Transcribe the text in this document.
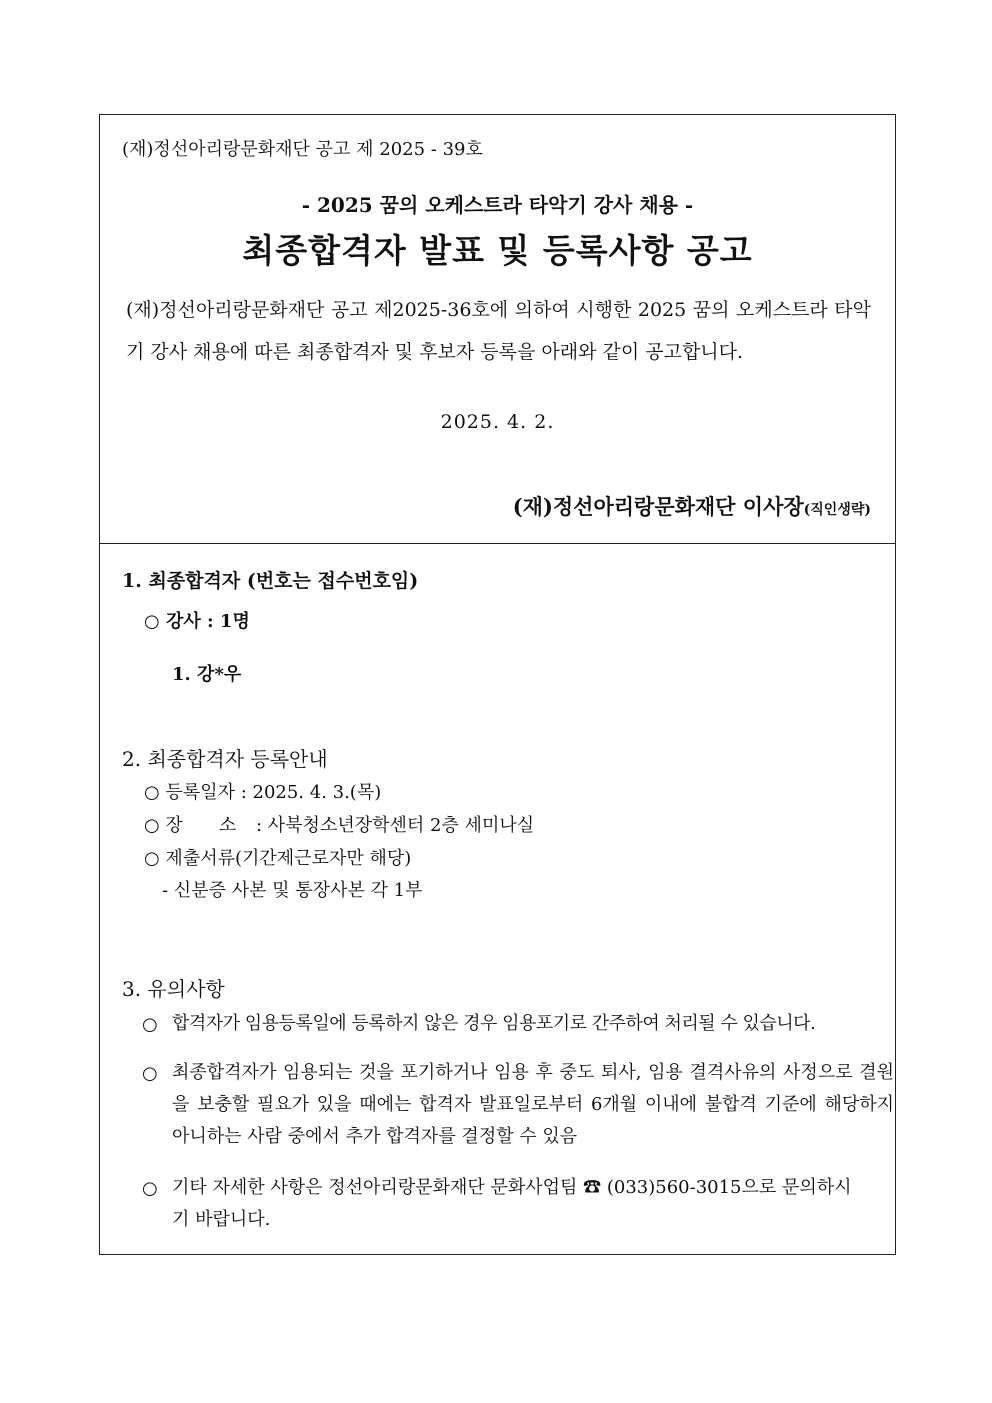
(재)정선아리랑문화재단 공고 제 2025 - 39호
- 2025 꿈의 오케스트라 타악기 강사 채용 -
최종합격자 발표 및 등록사항 공고
(재)정선아리랑문화재단 공고 제2025-36호에 의하여 시행한 2025 꿈의 오케스트라 타악기 강사 채용에 따른 최종합격자 및 후보자 등록을 아래와 같이 공고합니다.
2025. 4. 2.
(재)정선아리랑문화재단 이사장(직인생략)
1. 최종합격자 (번호는 접수번호임)
○ 강사 : 1명
1. 강*우
2. 최종합격자 등록안내
○ 등록일자 : 2025. 4. 3.(목)
○ 장　　소 : 사북청소년장학센터 2층 세미나실
○ 제출서류(기간제근로자만 해당)
- 신분증 사본 및 통장사본 각 1부
3. 유의사항
○ 합격자가 임용등록일에 등록하지 않은 경우 임용포기로 간주하여 처리될 수 있습니다.
○ 최종합격자가 임용되는 것을 포기하거나 임용 후 중도 퇴사, 임용 결격사유의 사정으로 결원을 보충할 필요가 있을 때에는 합격자 발표일로부터 6개월 이내에 불합격 기준에 해당하지 아니하는 사람 중에서 추가 합격자를 결정할 수 있음
○ 기타 자세한 사항은 정선아리랑문화재단 문화사업팀 ☎ (033)560-3015으로 문의하시기 바랍니다.
